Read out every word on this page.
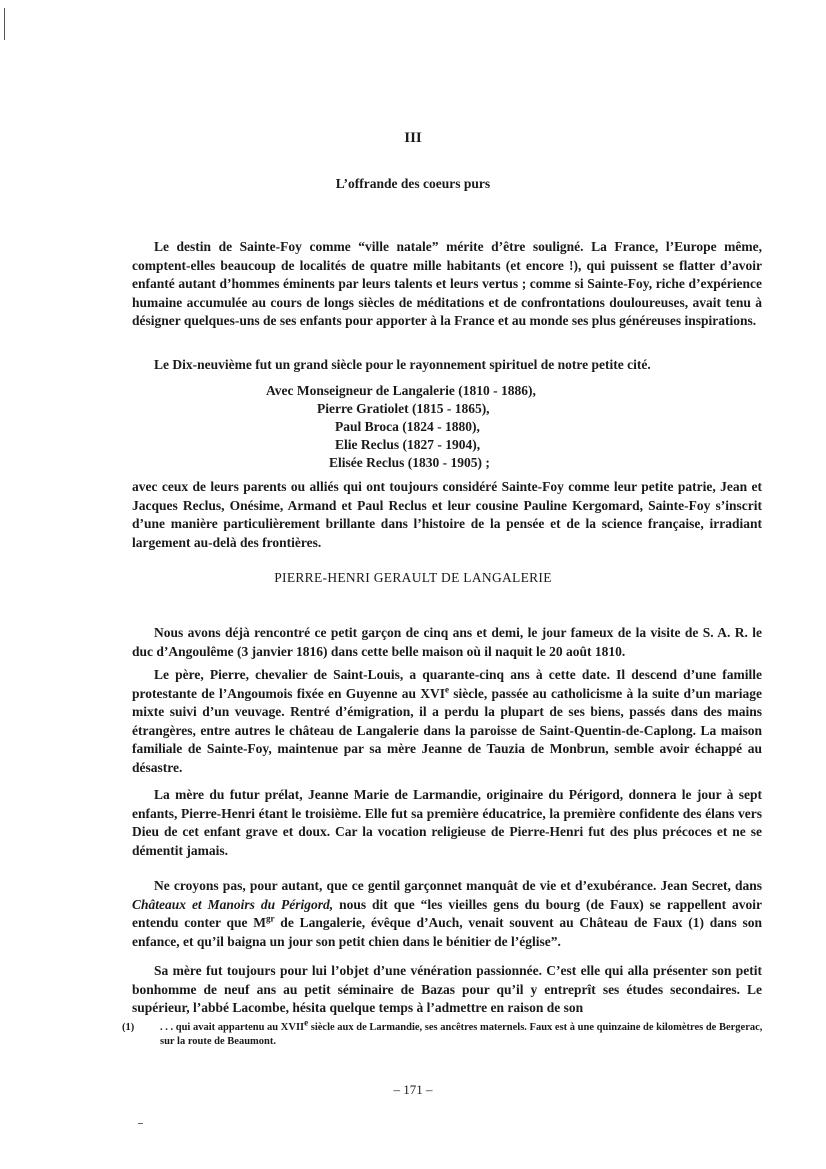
III
L’offrande des coeurs purs

Le destin de Sainte-Foy comme “ville natale” mérite d’être souligné. La France, l’Europe même, comptent-elles beaucoup de localités de quatre mille habitants (et encore !), qui puissent se flatter d’avoir enfanté autant d’hommes éminents par leurs talents et leurs vertus ; comme si Sainte-Foy, riche d’expérience humaine accumulée au cours de longs siècles de méditations et de confrontations douloureuses, avait tenu à désigner quelques-uns de ses enfants pour apporter à la France et au monde ses plus généreuses inspirations.

Le Dix-neuvième fut un grand siècle pour le rayonnement spirituel de notre petite cité.

Avec Monseigneur de Langalerie (1810 - 1886),
Pierre Gratiolet (1815 - 1865),
Paul Broca (1824 - 1880),
Elie Reclus (1827 - 1904),
Elisée Reclus (1830 - 1905) ;

avec ceux de leurs parents ou alliés qui ont toujours considéré Sainte-Foy comme leur petite patrie, Jean et Jacques Reclus, Onésime, Armand et Paul Reclus et leur cousine Pauline Kergomard, Sainte-Foy s’inscrit d’une manière particulièrement brillante dans l’histoire de la pensée et de la science française, irradiant largement au-delà des frontières.

PIERRE-HENRI GERAULT DE LANGALERIE

Nous avons déjà rencontré ce petit garçon de cinq ans et demi, le jour fameux de la visite de S. A. R. le duc d’Angoulême (3 janvier 1816) dans cette belle maison où il naquit le 20 août 1810.

Le père, Pierre, chevalier de Saint-Louis, a quarante-cinq ans à cette date. Il descend d’une famille protestante de l’Angoumois fixée en Guyenne au XVIe siècle, passée au catholicisme à la suite d’un mariage mixte suivi d’un veuvage. Rentré d’émigration, il a perdu la plupart de ses biens, passés dans des mains étrangères, entre autres le château de Langalerie dans la paroisse de Saint-Quentin-de-Caplong. La maison familiale de Sainte-Foy, maintenue par sa mère Jeanne de Tauzia de Monbrun, semble avoir échappé au désastre.

La mère du futur prélat, Jeanne Marie de Larmandie, originaire du Périgord, donnera le jour à sept enfants, Pierre-Henri étant le troisième. Elle fut sa première éducatrice, la première confidente des élans vers Dieu de cet enfant grave et doux. Car la vocation religieuse de Pierre-Henri fut des plus précoces et ne se démentit jamais.

Ne croyons pas, pour autant, que ce gentil garçonnet manquât de vie et d’exubérance. Jean Secret, dans Châteaux et Manoirs du Périgord, nous dit que “les vieilles gens du bourg (de Faux) se rappellent avoir entendu conter que $M^{gr}$ de Langalerie, évêque d’Auch, venait souvent au Château de Faux (1) dans son enfance, et qu’il baigna un jour son petit chien dans le bénitier de l’église”.

Sa mère fut toujours pour lui l’objet d’une vénération passionnée. C’est elle qui alla présenter son petit bonhomme de neuf ans au petit séminaire de Bazas pour qu’il y entreprît ses études secondaires. Le supérieur, l’abbé Lacombe, hésita quelque temps à l’admettre en raison de son

(1) . . . qui avait appartenu au XVIIe siècle aux de Larmandie, ses ancêtres maternels. Faux est à une quinzaine de kilomètres de Bergerac, sur la route de Beaumont.
– 171 –
